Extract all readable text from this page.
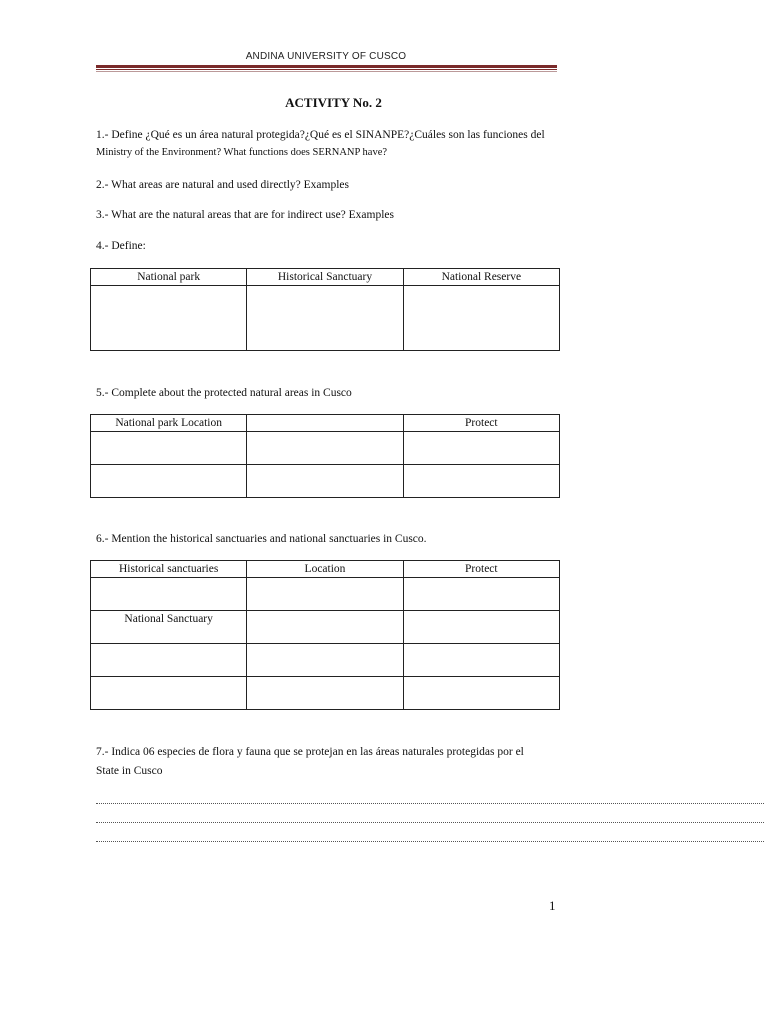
ANDINA UNIVERSITY OF CUSCO
ACTIVITY No. 2
1.- Define ¿Qué es un área natural protegida?¿Qué es el SINANPE?¿Cuáles son las funciones del
Ministry of the Environment? What functions does SERNANP have?
2.- What areas are natural and used directly? Examples
3.- What are the natural areas that are for indirect use? Examples
4.- Define:
National park	Historical Sanctuary	National Reserve

5.- Complete about the protected natural areas in Cusco
National park Location		Protect

6.- Mention the historical sanctuaries and national sanctuaries in Cusco.
Historical sanctuaries	Location	Protect

National Sanctuary		

7.- Indica 06 especies de flora y fauna que se protejan en las áreas naturales protegidas por el
State in Cusco
1
